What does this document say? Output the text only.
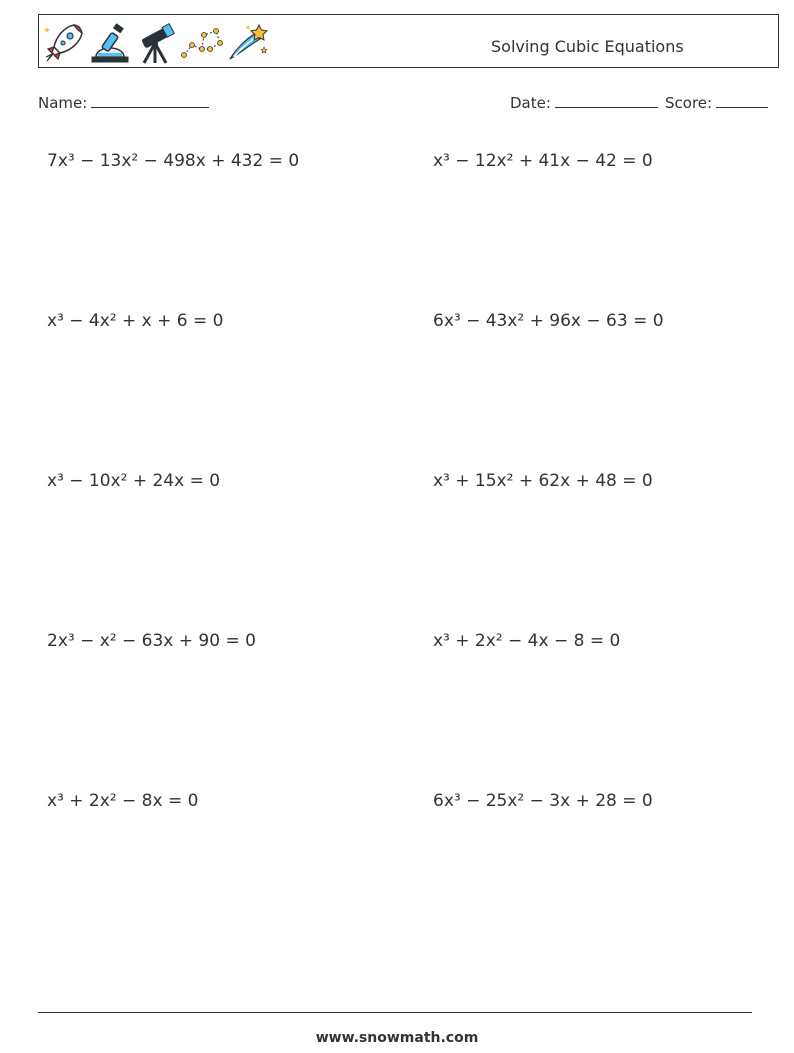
Solving Cubic Equations
Name:	Date:	Score:
7x³ − 13x² − 498x + 432 = 0	x³ − 12x² + 41x − 42 = 0
x³ − 4x² + x + 6 = 0	6x³ − 43x² + 96x − 63 = 0
x³ − 10x² + 24x = 0	x³ + 15x² + 62x + 48 = 0
2x³ − x² − 63x + 90 = 0	x³ + 2x² − 4x − 8 = 0
x³ + 2x² − 8x = 0	6x³ − 25x² − 3x + 28 = 0
www.snowmath.com
